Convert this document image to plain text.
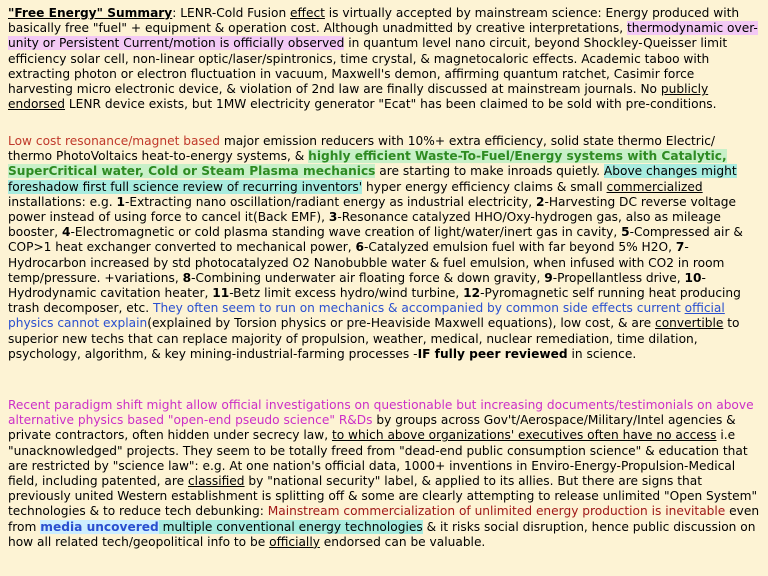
"Free Energy" Summary: LENR-Cold Fusion effect is virtually accepted by mainstream science: Energy produced with basically free "fuel" + equipment & operation cost. Although unadmitted by creative interpretations, thermodynamic over-unity or Persistent Current/motion is officially observed in quantum level nano circuit, beyond Shockley-Queisser limit efficiency solar cell, non-linear optic/laser/spintronics, time crystal, & magnetocaloric effects. Academic taboo with extracting photon or electron fluctuation in vacuum, Maxwell's demon, affirming quantum ratchet, Casimir force harvesting micro electronic device, & violation of 2nd law are finally discussed at mainstream journals. No publicly endorsed LENR device exists, but 1MW electricity generator "Ecat" has been claimed to be sold with pre-conditions.

Low cost resonance/magnet based major emission reducers with 10%+ extra efficiency, solid state thermo Electric/ thermo PhotoVoltaics heat-to-energy systems, & highly efficient Waste-To-Fuel/Energy systems with Catalytic, SuperCritical water, Cold or Steam Plasma mechanics are starting to make inroads quietly. Above changes might foreshadow first full science review of recurring inventors' hyper energy efficiency claims & small commercialized installations: e.g. 1-Extracting nano oscillation/radiant energy as industrial electricity, 2-Harvesting DC reverse voltage power instead of using force to cancel it(Back EMF), 3-Resonance catalyzed HHO/Oxy-hydrogen gas, also as mileage booster, 4-Electromagnetic or cold plasma standing wave creation of light/water/inert gas in cavity, 5-Compressed air & COP>1 heat exchanger converted to mechanical power, 6-Catalyzed emulsion fuel with far beyond 5% H2O, 7-Hydrocarbon increased by std photocatalyzed O2 Nanobubble water & fuel emulsion, when infused with CO2 in room temp/pressure. +variations, 8-Combining underwater air floating force & down gravity, 9-Propellantless drive, 10-Hydrodynamic cavitation heater, 11-Betz limit excess hydro/wind turbine, 12-Pyromagnetic self running heat producing trash decomposer, etc. They often seem to run on mechanics & accompanied by common side effects current official physics cannot explain(explained by Torsion physics or pre-Heaviside Maxwell equations), low cost, & are convertible to superior new techs that can replace majority of propulsion, weather, medical, nuclear remediation, time dilation, psychology, algorithm, & key mining-industrial-farming processes -IF fully peer reviewed in science.

Recent paradigm shift might allow official investigations on questionable but increasing documents/testimonials on above alternative physics based "open-end pseudo science" R&Ds by groups across Gov't/Aerospace/Military/Intel agencies & private contractors, often hidden under secrecy law, to which above organizations' executives often have no access i.e "unacknowledged" projects. They seem to be totally freed from "dead-end public consumption science" & education that are restricted by "science law": e.g. At one nation's official data, 1000+ inventions in Enviro-Energy-Propulsion-Medical field, including patented, are classified by "national security" label, & applied to its allies. But there are signs that previously united Western establishment is splitting off & some are clearly attempting to release unlimited "Open System" technologies & to reduce tech debunking: Mainstream commercialization of unlimited energy production is inevitable even from media uncovered multiple conventional energy technologies & it risks social disruption, hence public discussion on how all related tech/geopolitical info to be officially endorsed can be valuable.
